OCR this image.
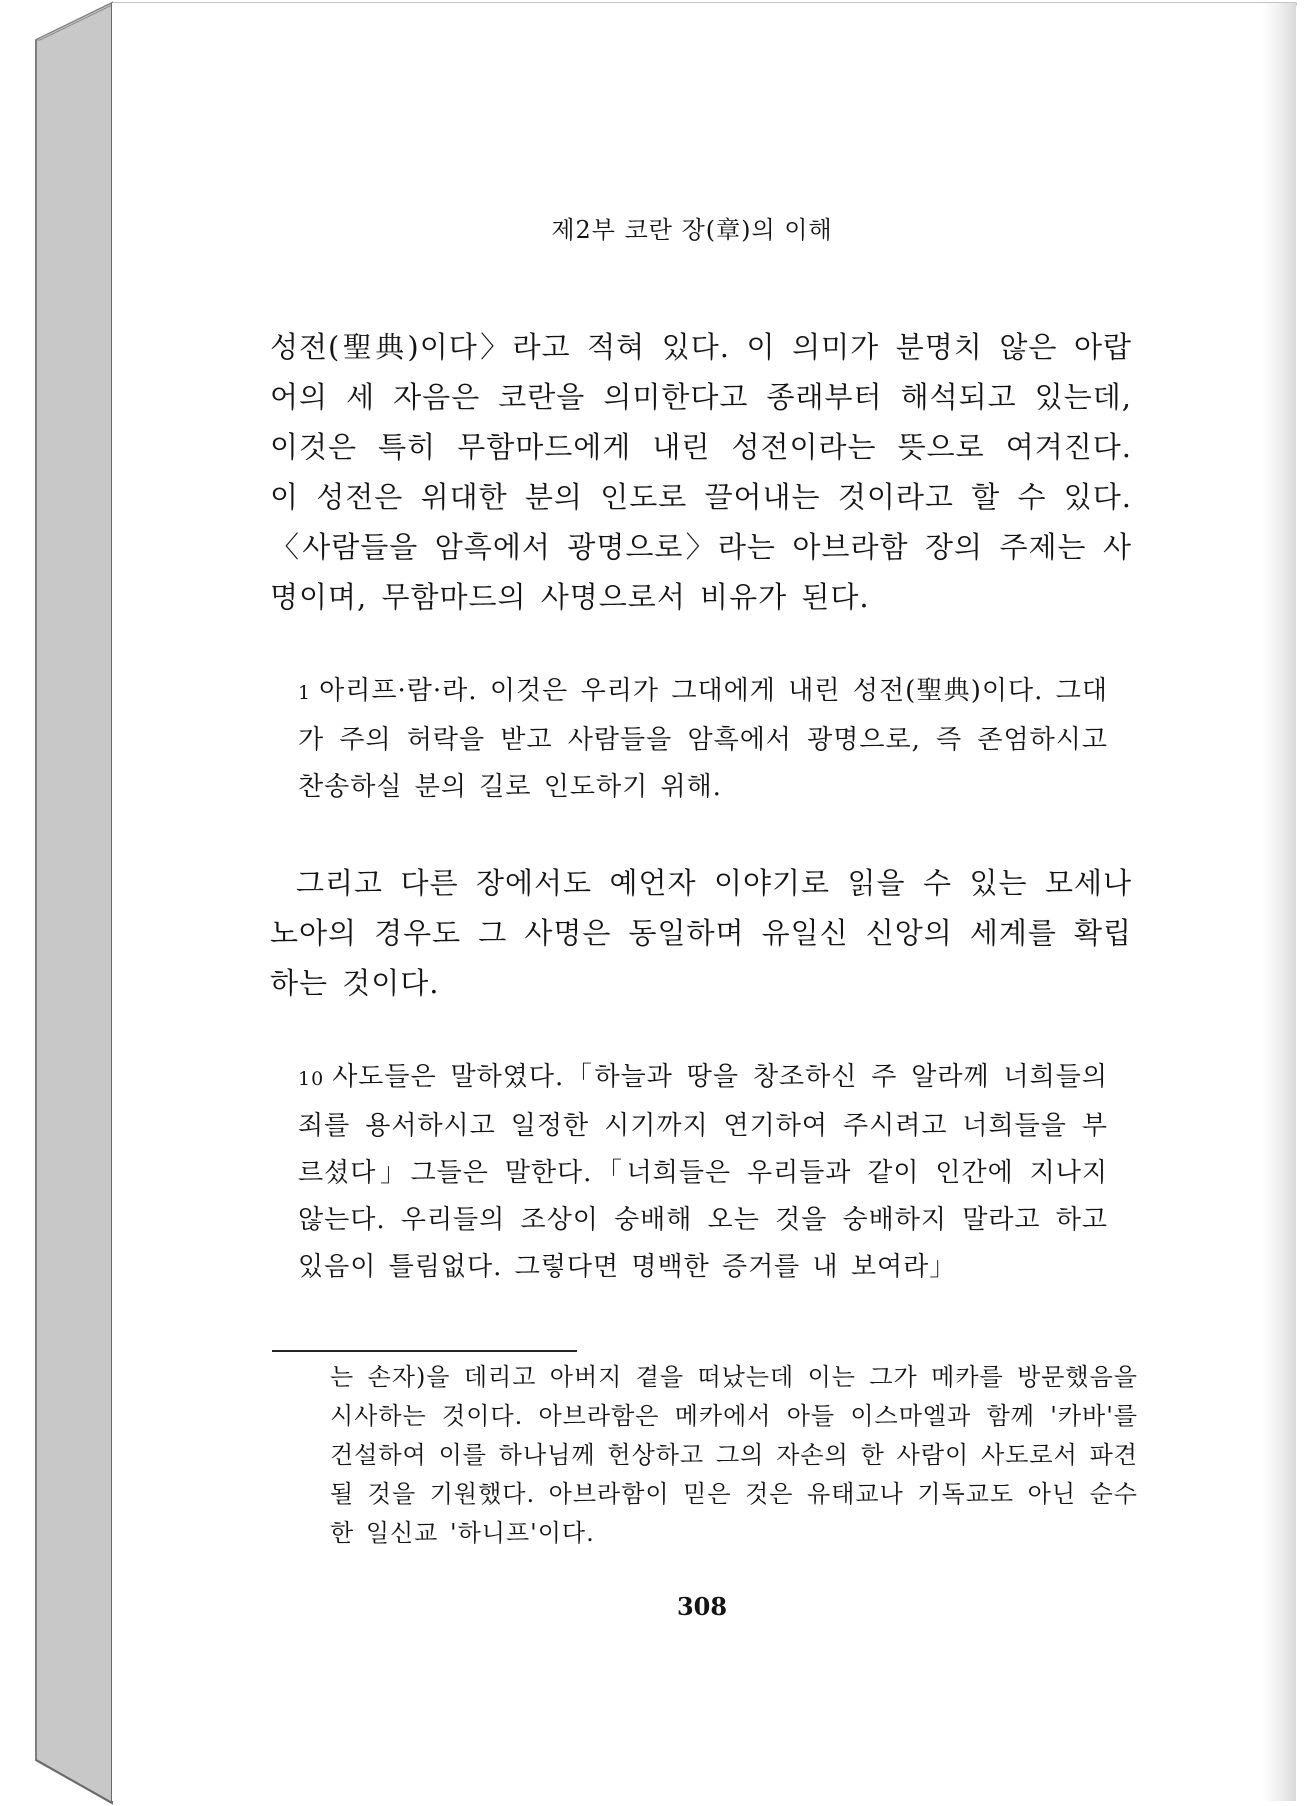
제2부 코란 장(章)의 이해

성전(聖典)이다〉라고 적혀 있다. 이 의미가 분명치 않은 아랍어의 세 자음은 코란을 의미한다고 종래부터 해석되고 있는데, 이것은 특히 무함마드에게 내린 성전이라는 뜻으로 여겨진다. 이 성전은 위대한 분의 인도로 끌어내는 것이라고 할 수 있다. 〈사람들을 암흑에서 광명으로〉라는 아브라함 장의 주제는 사명이며, 무함마드의 사명으로서 비유가 된다.

1 아리프·람·라. 이것은 우리가 그대에게 내린 성전(聖典)이다. 그대가 주의 허락을 받고 사람들을 암흑에서 광명으로, 즉 존엄하시고 찬송하실 분의 길로 인도하기 위해.

그리고 다른 장에서도 예언자 이야기로 읽을 수 있는 모세나 노아의 경우도 그 사명은 동일하며 유일신 신앙의 세계를 확립하는 것이다.

10 사도들은 말하였다.「하늘과 땅을 창조하신 주 알라께 너희들의 죄를 용서하시고 일정한 시기까지 연기하여 주시려고 너희들을 부르셨다」그들은 말한다.「너희들은 우리들과 같이 인간에 지나지 않는다. 우리들의 조상이 숭배해 오는 것을 숭배하지 말라고 하고 있음이 틀림없다. 그렇다면 명백한 증거를 내 보여라」

는 손자)을 데리고 아버지 곁을 떠났는데 이는 그가 메카를 방문했음을 시사하는 것이다. 아브라함은 메카에서 아들 이스마엘과 함께 '카바'를 건설하여 이를 하나님께 헌상하고 그의 자손의 한 사람이 사도로서 파견될 것을 기원했다. 아브라함이 믿은 것은 유태교나 기독교도 아닌 순수한 일신교 '하니프'이다.

308
